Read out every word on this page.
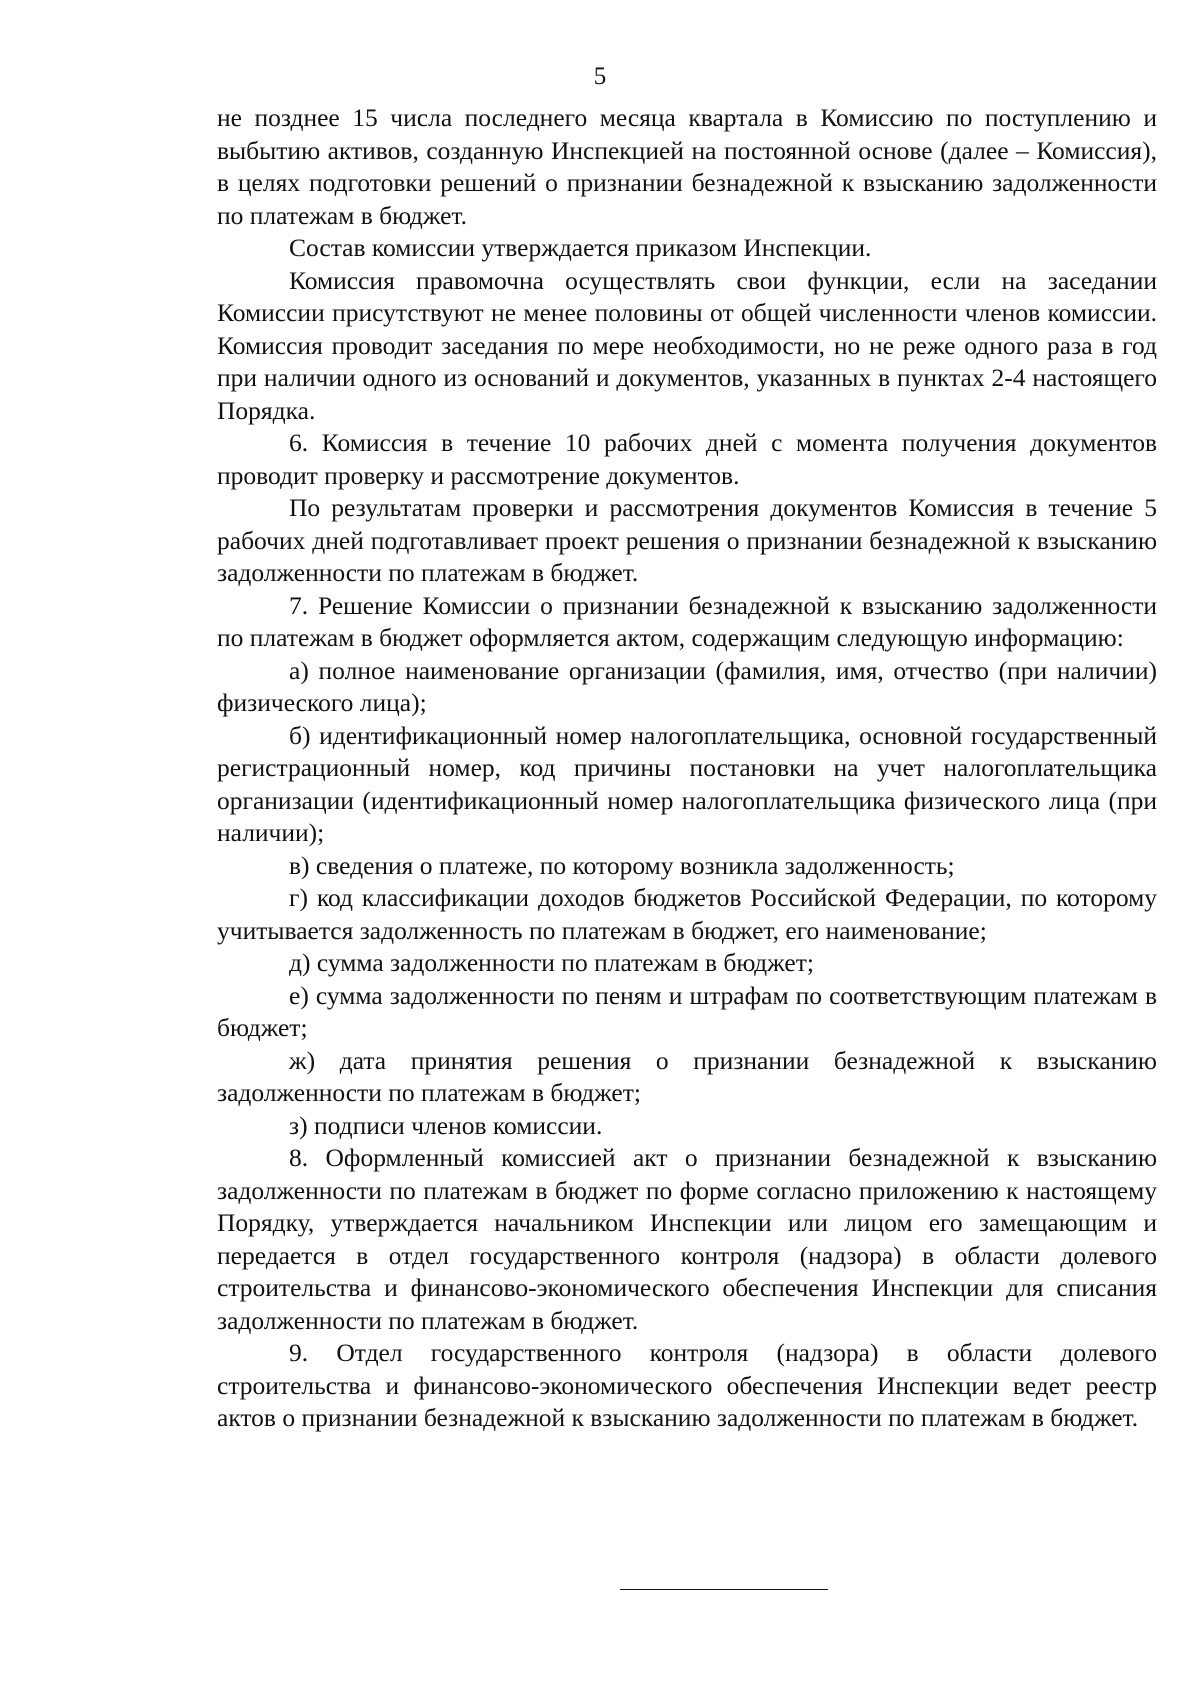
5

не позднее 15 числа последнего месяца квартала в Комиссию по поступлению и выбытию активов, созданную Инспекцией на постоянной основе (далее – Комиссия), в целях подготовки решений о признании безнадежной к взысканию задолженности по платежам в бюджет.

Состав комиссии утверждается приказом Инспекции.

Комиссия правомочна осуществлять свои функции, если на заседании Комиссии присутствуют не менее половины от общей численности членов комиссии. Комиссия проводит заседания по мере необходимости, но не реже одного раза в год при наличии одного из оснований и документов, указанных в пунктах 2-4 настоящего Порядка.

6. Комиссия в течение 10 рабочих дней с момента получения документов проводит проверку и рассмотрение документов.

По результатам проверки и рассмотрения документов Комиссия в течение 5 рабочих дней подготавливает проект решения о признании безнадежной к взысканию задолженности по платежам в бюджет.

7. Решение Комиссии о признании безнадежной к взысканию задолженности по платежам в бюджет оформляется актом, содержащим следующую информацию:

а) полное наименование организации (фамилия, имя, отчество (при наличии) физического лица);

б) идентификационный номер налогоплательщика, основной государственный регистрационный номер, код причины постановки на учет налогоплательщика организации (идентификационный номер налогоплательщика физического лица (при наличии);

в) сведения о платеже, по которому возникла задолженность;

г) код классификации доходов бюджетов Российской Федерации, по которому учитывается задолженность по платежам в бюджет, его наименование;

д) сумма задолженности по платежам в бюджет;

е) сумма задолженности по пеням и штрафам по соответствующим платежам в бюджет;

ж) дата принятия решения о признании безнадежной к взысканию задолженности по платежам в бюджет;

з) подписи членов комиссии.

8. Оформленный комиссией акт о признании безнадежной к взысканию задолженности по платежам в бюджет по форме согласно приложению к настоящему Порядку, утверждается начальником Инспекции или лицом его замещающим и передается в отдел государственного контроля (надзора) в области долевого строительства и финансово-экономического обеспечения Инспекции для списания задолженности по платежам в бюджет.

9. Отдел государственного контроля (надзора) в области долевого строительства и финансово-экономического обеспечения Инспекции ведет реестр актов о признании безнадежной к взысканию задолженности по платежам в бюджет.
